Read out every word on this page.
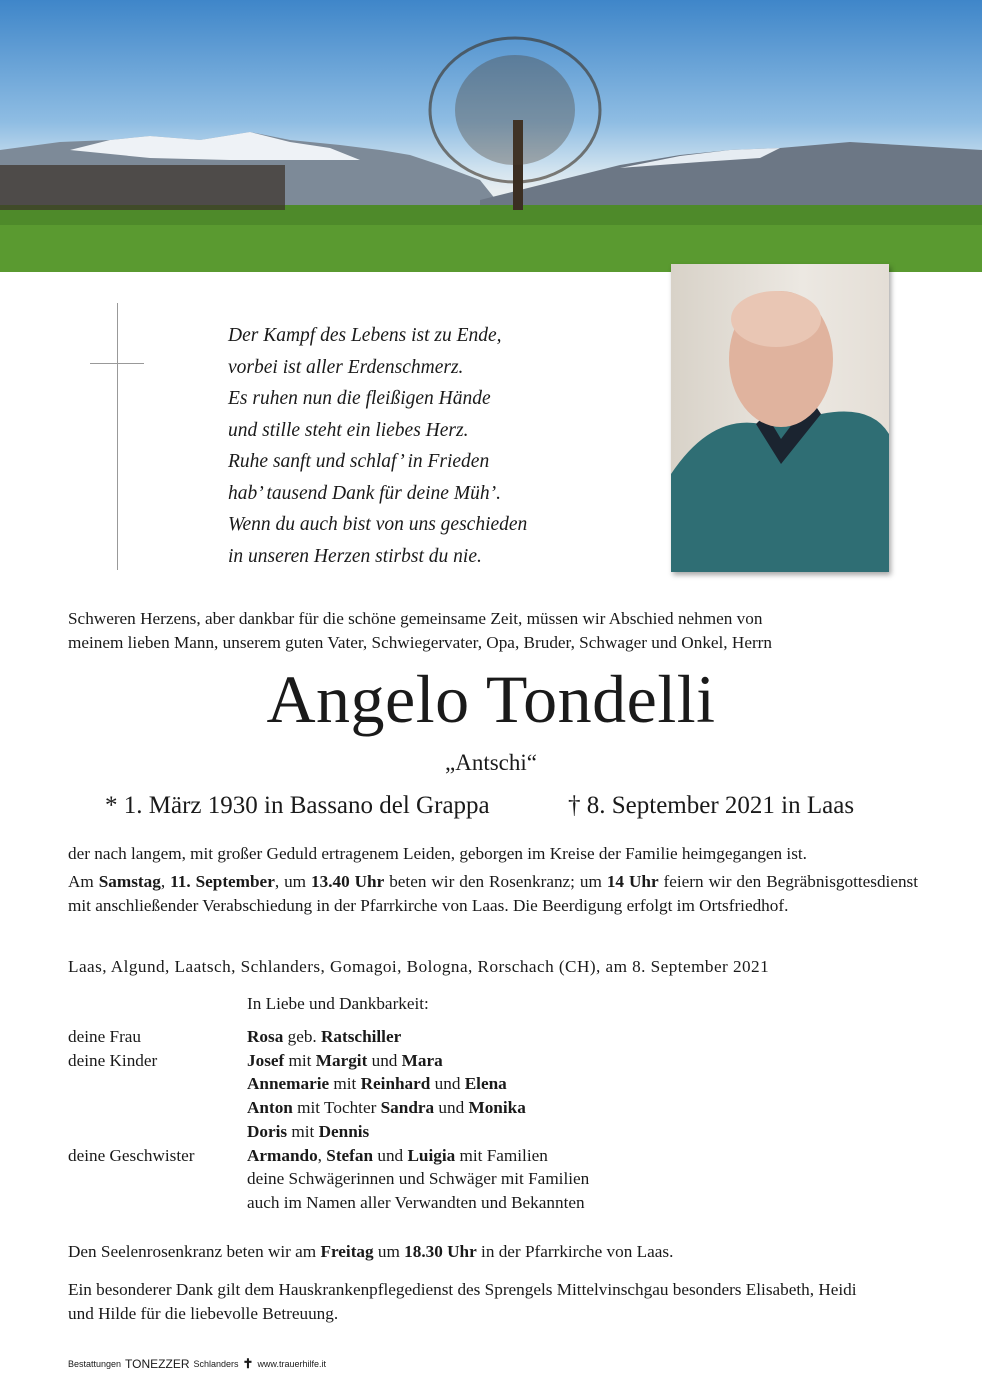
Der Kampf des Lebens ist zu Ende,
vorbei ist aller Erdenschmerz.
Es ruhen nun die fleißigen Hände
und stille steht ein liebes Herz.
Ruhe sanft und schlaf’ in Frieden
hab’ tausend Dank für deine Müh’.
Wenn du auch bist von uns geschieden
in unseren Herzen stirbst du nie.
Schweren Herzens, aber dankbar für die schöne gemeinsame Zeit, müssen wir Abschied nehmen von
meinem lieben Mann, unserem guten Vater, Schwiegervater, Opa, Bruder, Schwager und Onkel, Herrn
Angelo Tondelli
„Antschi“
* 1. März 1930 in Bassano del Grappa	† 8. September 2021 in Laas
der nach langem, mit großer Geduld ertragenem Leiden, geborgen im Kreise der Familie heimgegangen ist.
Am Samstag, 11. September, um 13.40 Uhr beten wir den Rosenkranz; um 14 Uhr feiern wir den Begräbnisgottesdienst mit anschließender Verabschiedung in der Pfarrkirche von Laas. Die Beerdigung erfolgt im Ortsfriedhof.
Laas, Algund, Laatsch, Schlanders, Gomagoi, Bologna, Rorschach (CH), am 8. September 2021
In Liebe und Dankbarkeit:
Rosa geb. Ratschiller
Josef mit Margit und Mara
Annemarie mit Reinhard und Elena
Anton mit Tochter Sandra und Monika
Doris mit Dennis
Armando, Stefan und Luigia mit Familien
deine Schwägerinnen und Schwäger mit Familien
auch im Namen aller Verwandten und Bekannten
deine Frau
deine Kinder
deine Geschwister
Den Seelenrosenkranz beten wir am Freitag um 18.30 Uhr in der Pfarrkirche von Laas.
Ein besonderer Dank gilt dem Hauskrankenpflegedienst des Sprengels Mittelvinschgau besonders Elisabeth, Heidi und Hilde für die liebevolle Betreuung.
Bestattungen TONEZZER Schlanders ✝︎ www.trauerhilfe.it
